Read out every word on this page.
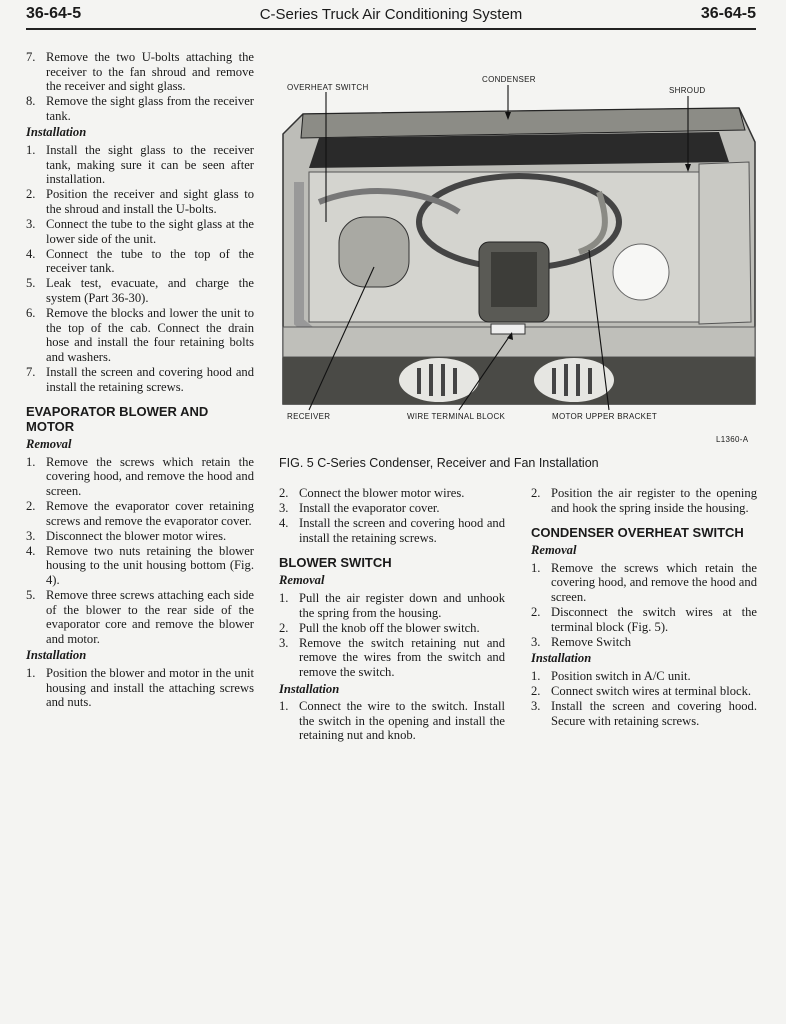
36-64-5	C-Series Truck Air Conditioning System	36-64-5
7. Remove the two U-bolts attaching the receiver to the fan shroud and remove the receiver and sight glass.
8. Remove the sight glass from the receiver tank.
Installation
1. Install the sight glass to the receiver tank, making sure it can be seen after installation.
2. Position the receiver and sight glass to the shroud and install the U-bolts.
3. Connect the tube to the sight glass at the lower side of the unit.
4. Connect the tube to the top of the receiver tank.
5. Leak test, evacuate, and charge the system (Part 36-30).
6. Remove the blocks and lower the unit to the top of the cab. Connect the drain hose and install the four retaining bolts and washers.
7. Install the screen and covering hood and install the retaining screws.
EVAPORATOR BLOWER AND MOTOR
Removal
1. Remove the screws which retain the covering hood, and remove the hood and screen.
2. Remove the evaporator cover retaining screws and remove the evaporator cover.
3. Disconnect the blower motor wires.
4. Remove two nuts retaining the blower housing to the unit housing bottom (Fig. 4).
5. Remove three screws attaching each side of the blower to the rear side of the evaporator core and remove the blower and motor.
Installation
1. Position the blower and motor in the unit housing and install the attaching screws and nuts.
OVERHEAT SWITCH
CONDENSER
SHROUD
RECEIVER	WIRE TERMINAL BLOCK	MOTOR UPPER BRACKET
L1360-A
FIG. 5 C-Series Condenser, Receiver and Fan Installation
2. Connect the blower motor wires.
3. Install the evaporator cover.
4. Install the screen and covering hood and install the retaining screws.
BLOWER SWITCH
Removal
1. Pull the air register down and unhook the spring from the housing.
2. Pull the knob off the blower switch.
3. Remove the switch retaining nut and remove the wires from the switch and remove the switch.
Installation
1. Connect the wire to the switch. Install the switch in the opening and install the retaining nut and knob.
2. Position the air register to the opening and hook the spring inside the housing.
CONDENSER OVERHEAT SWITCH
Removal
1. Remove the screws which retain the covering hood, and remove the hood and screen.
2. Disconnect the switch wires at the terminal block (Fig. 5).
3. Remove Switch
Installation
1. Position switch in A/C unit.
2. Connect switch wires at terminal block.
3. Install the screen and covering hood. Secure with retaining screws.
